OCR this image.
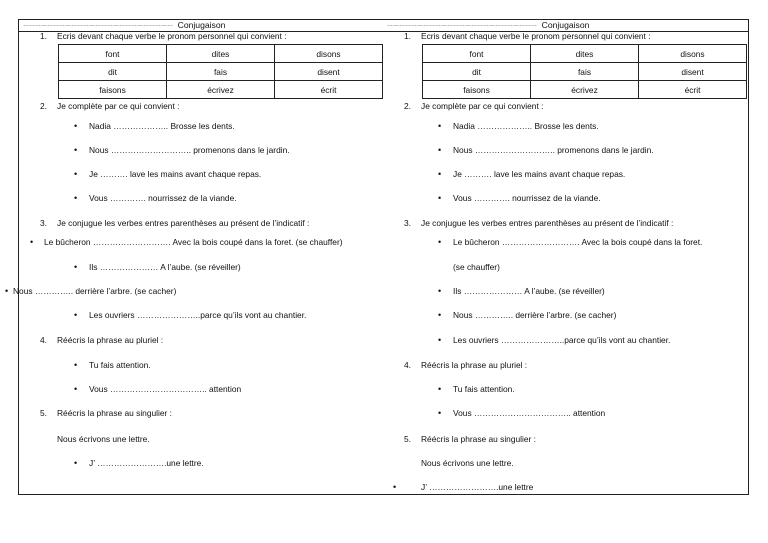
………………………………………………………………… Conjugaison
1. Ecris devant chaque verbe le pronom personnel qui convient :
font	dites	disons
dit	fais	disent
faisons	écrivez	écrit
2. Je complète par ce qui convient :
• Nadia ……………….. Brosse les dents.
• Nous ……………………….. promenons dans le jardin.
• Je ………. lave les mains avant chaque repas.
• Vous …………. nourrissez de la viande.
3. Je conjugue les verbes entres parenthèses au présent de l’indicatif :
• Le bûcheron ………………………. Avec la bois coupé dans la foret. (se chauffer)
• Ils ………………… A l’aube. (se réveiller)
• Nous ………….. derrière l’arbre. (se cacher)
• Les ouvriers …………………..parce qu’ils vont au chantier.
4. Réécris la phrase au pluriel :
• Tu fais attention.
• Vous …………………………….. attention
5. Réécris la phrase au singulier :
Nous écrivons une lettre.
• J’ …………………….une lettre.
………………………………………………………………… Conjugaison
1. Ecris devant chaque verbe le pronom personnel qui convient :
font	dites	disons
dit	fais	disent
faisons	écrivez	écrit
2. Je complète par ce qui convient :
• Nadia ……………….. Brosse les dents.
• Nous ……………………….. promenons dans le jardin.
• Je ………. lave les mains avant chaque repas.
• Vous …………. nourrissez de la viande.
3. Je conjugue les verbes entres parenthèses au présent de l’indicatif :
• Le bûcheron ………………………. Avec la bois coupé dans la foret.
(se chauffer)
• Ils ………………… A l’aube. (se réveiller)
• Nous ………….. derrière l’arbre. (se cacher)
• Les ouvriers …………………..parce qu’ils vont au chantier.
4. Réécris la phrase au pluriel :
• Tu fais attention.
• Vous …………………………….. attention
5. Réécris la phrase au singulier :
Nous écrivons une lettre.
•	J’ …………………….une lettre
